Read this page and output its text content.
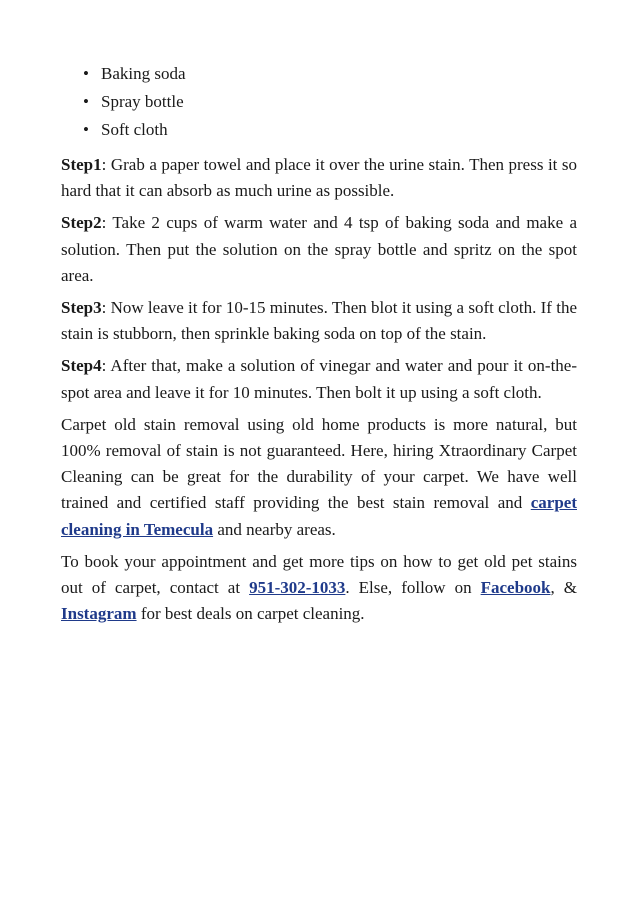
• Baking soda
• Spray bottle
• Soft cloth

Step1: Grab a paper towel and place it over the urine stain. Then press it so hard that it can absorb as much urine as possible.

Step2: Take 2 cups of warm water and 4 tsp of baking soda and make a solution. Then put the solution on the spray bottle and spritz on the spot area.

Step3: Now leave it for 10-15 minutes. Then blot it using a soft cloth. If the stain is stubborn, then sprinkle baking soda on top of the stain.

Step4: After that, make a solution of vinegar and water and pour it on-the-spot area and leave it for 10 minutes. Then bolt it up using a soft cloth.

Carpet old stain removal using old home products is more natural, but 100% removal of stain is not guaranteed. Here, hiring Xtraordinary Carpet Cleaning can be great for the durability of your carpet. We have well trained and certified staff providing the best stain removal and carpet cleaning in Temecula and nearby areas.

To book your appointment and get more tips on how to get old pet stains out of carpet, contact at 951-302-1033. Else, follow on Facebook, & Instagram for best deals on carpet cleaning.
